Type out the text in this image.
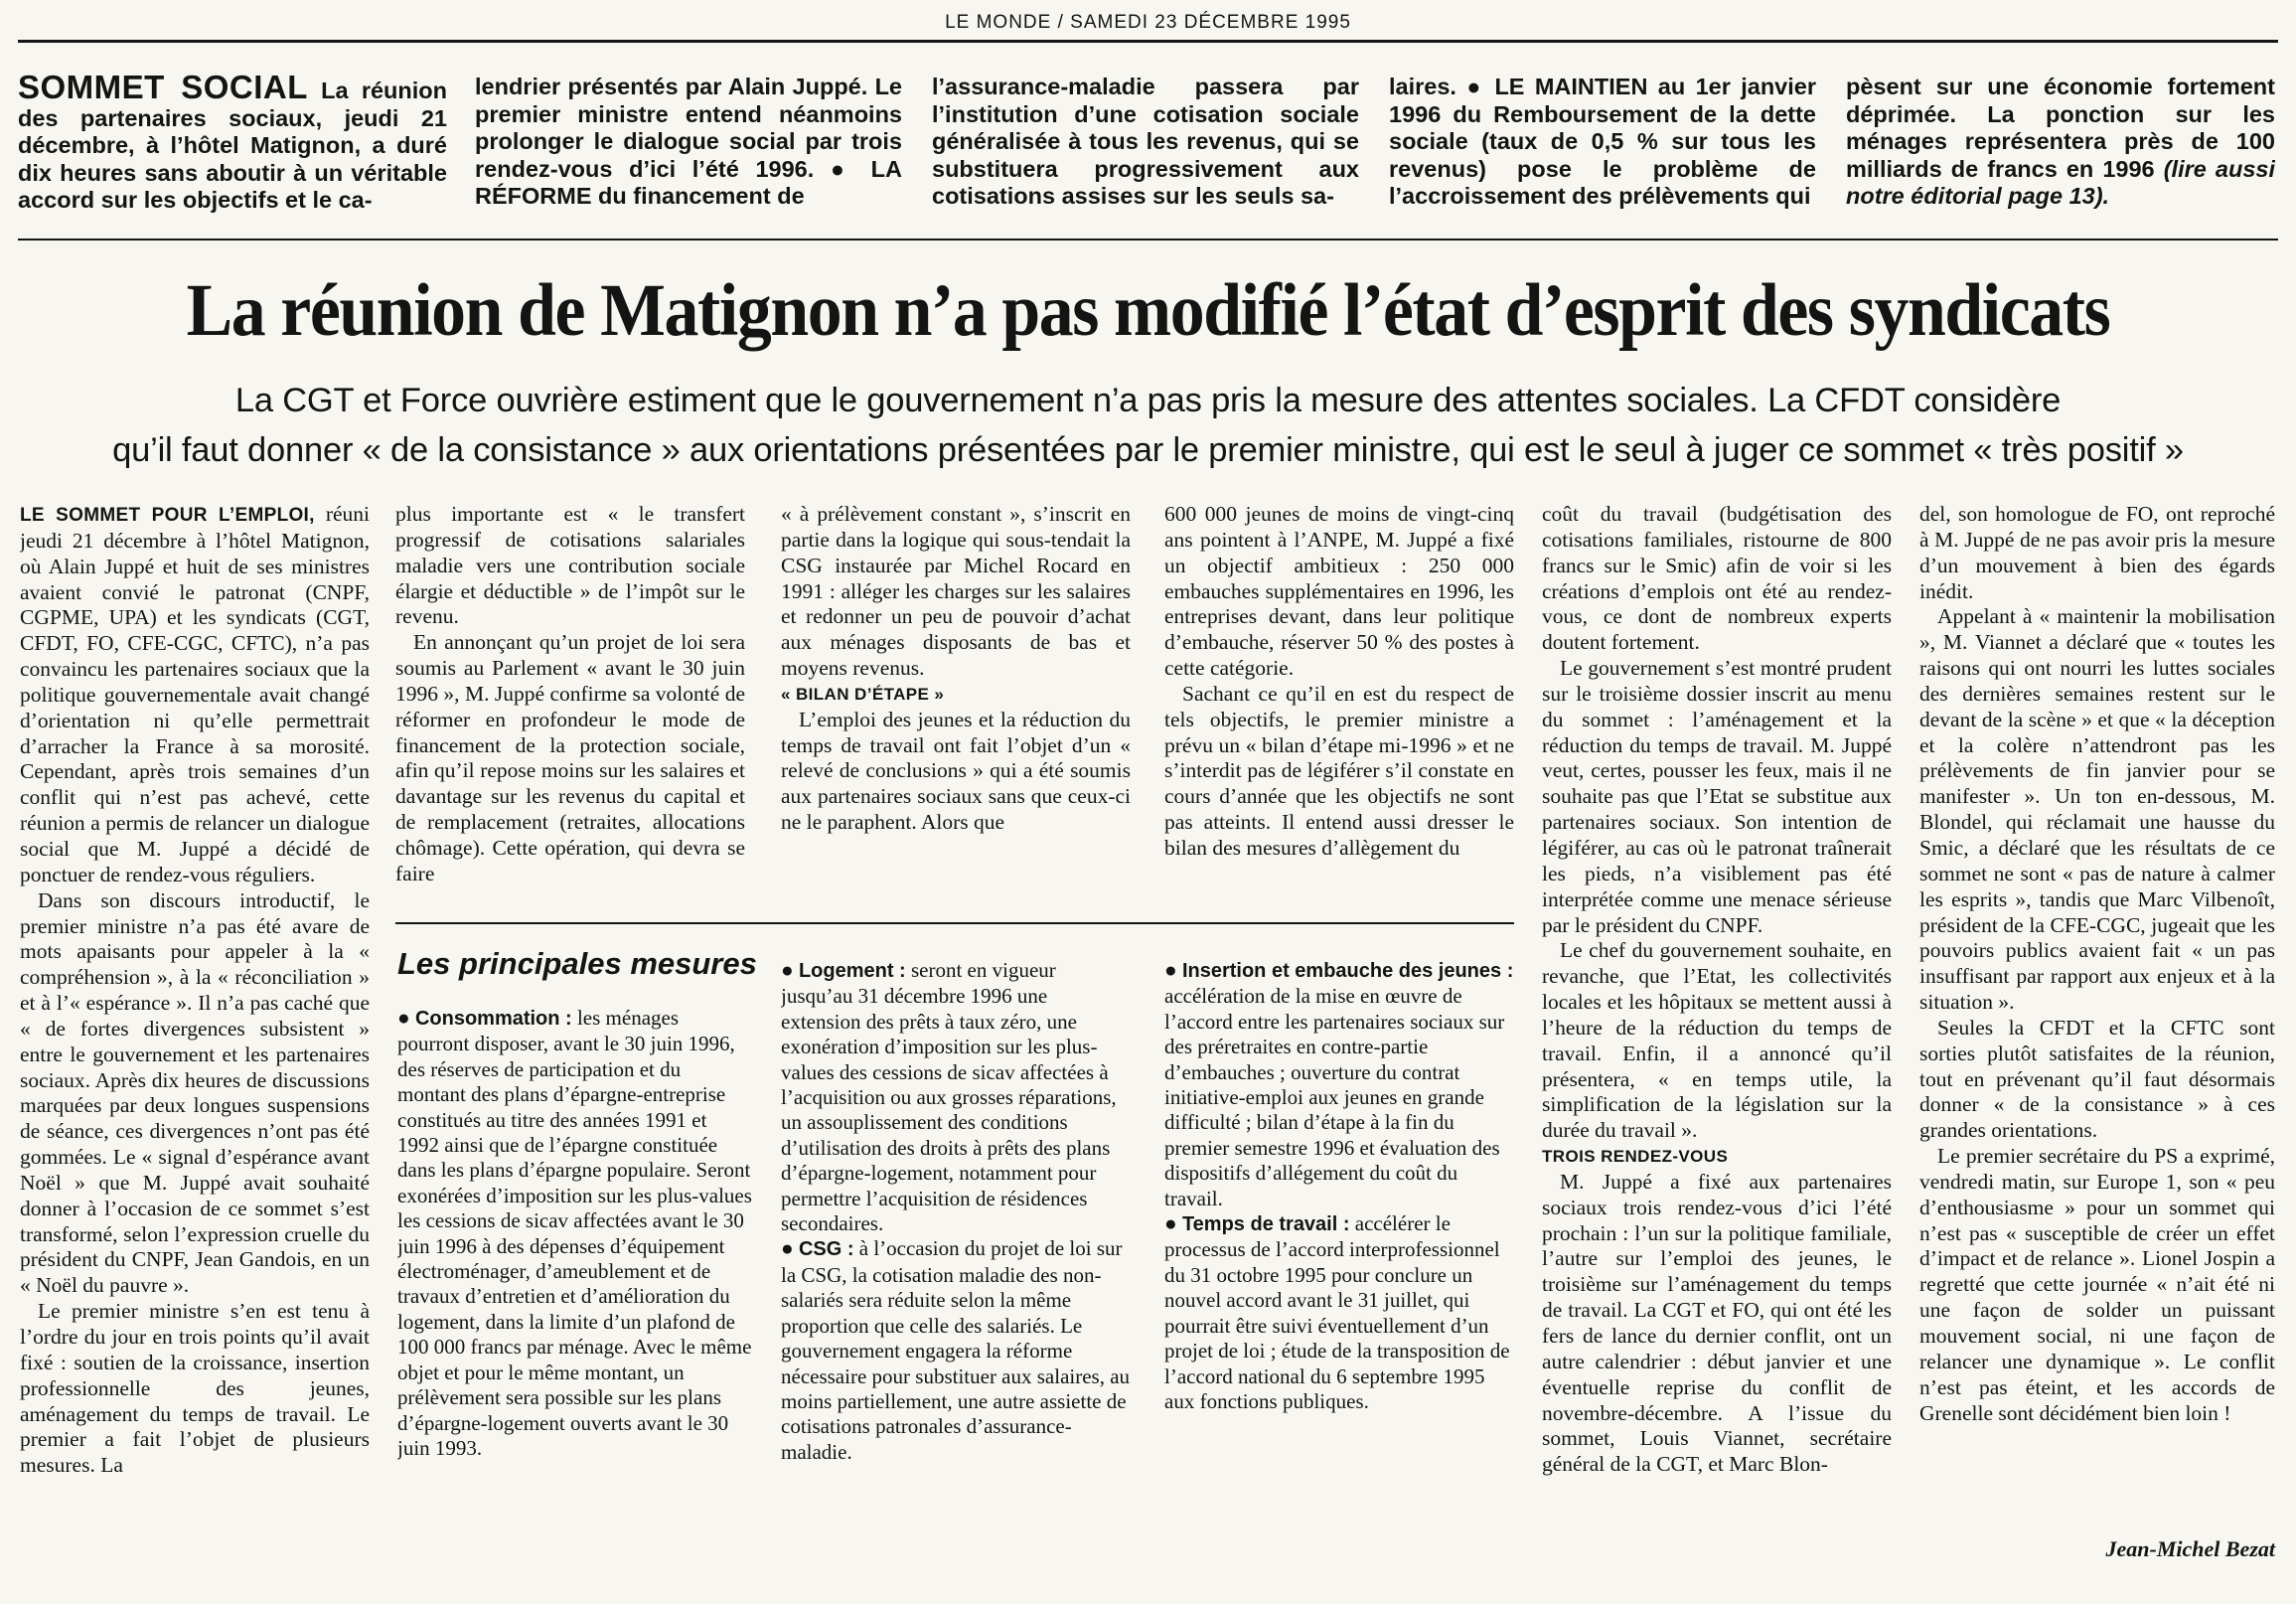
LE MONDE / SAMEDI 23 DÉCEMBRE 1995
SOMMET SOCIAL La réunion des partenaires sociaux, jeudi 21 décembre, à l’hôtel Matignon, a duré dix heures sans aboutir à un véritable accord sur les objectifs et le ca-
lendrier présentés par Alain Juppé. Le premier ministre entend néanmoins prolonger le dialogue social par trois rendez-vous d’ici l’été 1996. ● LA RÉFORME du financement de
l’assurance-maladie passera par l’institution d’une cotisation sociale généralisée à tous les revenus, qui se substituera progressivement aux cotisations assises sur les seuls sa-
laires. ● LE MAINTIEN au 1er janvier 1996 du Remboursement de la dette sociale (taux de 0,5 % sur tous les revenus) pose le problème de l’accroissement des prélèvements qui
pèsent sur une économie fortement déprimée. La ponction sur les ménages représentera près de 100 milliards de francs en 1996 (lire aussi notre éditorial page 13).
La réunion de Matignon n’a pas modifié l’état d’esprit des syndicats
La CGT et Force ouvrière estiment que le gouvernement n’a pas pris la mesure des attentes sociales. La CFDT considère
qu’il faut donner « de la consistance » aux orientations présentées par le premier ministre, qui est le seul à juger ce sommet « très positif »

LE SOMMET POUR L’EMPLOI, réuni jeudi 21 décembre à l’hôtel Matignon, où Alain Juppé et huit de ses ministres avaient convié le patronat (CNPF, CGPME, UPA) et les syndicats (CGT, CFDT, FO, CFE-CGC, CFTC), n’a pas convaincu les partenaires sociaux que la politique gouvernementale avait changé d’orientation ni qu’elle permettrait d’arracher la France à sa morosité. Cependant, après trois semaines d’un conflit qui n’est pas achevé, cette réunion a permis de relancer un dialogue social que M. Juppé a décidé de ponctuer de rendez-vous réguliers.

Dans son discours introductif, le premier ministre n’a pas été avare de mots apaisants pour appeler à la « compréhension », à la « réconciliation » et à l’« espérance ». Il n’a pas caché que « de fortes divergences subsistent » entre le gouvernement et les partenaires sociaux. Après dix heures de discussions marquées par deux longues suspensions de séance, ces divergences n’ont pas été gommées. Le « signal d’espérance avant Noël » que M. Juppé avait souhaité donner à l’occasion de ce sommet s’est transformé, selon l’expression cruelle du président du CNPF, Jean Gandois, en un « Noël du pauvre ».

Le premier ministre s’en est tenu à l’ordre du jour en trois points qu’il avait fixé : soutien de la croissance, insertion professionnelle des jeunes, aménagement du temps de travail. Le premier a fait l’objet de plusieurs mesures. La

plus importante est « le transfert progressif de cotisations salariales maladie vers une contribution sociale élargie et déductible » de l’impôt sur le revenu.

En annonçant qu’un projet de loi sera soumis au Parlement « avant le 30 juin 1996 », M. Juppé confirme sa volonté de réformer en profondeur le mode de financement de la protection sociale, afin qu’il repose moins sur les salaires et davantage sur les revenus du capital et de remplacement (retraites, allocations chômage). Cette opération, qui devra se faire

« à prélèvement constant », s’inscrit en partie dans la logique qui sous-tendait la CSG instaurée par Michel Rocard en 1991 : alléger les charges sur les salaires et redonner un peu de pouvoir d’achat aux ménages disposants de bas et moyens revenus.

« BILAN D’ÉTAPE »

L’emploi des jeunes et la réduction du temps de travail ont fait l’objet d’un « relevé de conclusions » qui a été soumis aux partenaires sociaux sans que ceux-ci ne le paraphent. Alors que

600 000 jeunes de moins de vingt-cinq ans pointent à l’ANPE, M. Juppé a fixé un objectif ambitieux : 250 000 embauches supplémentaires en 1996, les entreprises devant, dans leur politique d’embauche, réserver 50 % des postes à cette catégorie.

Sachant ce qu’il en est du respect de tels objectifs, le premier ministre a prévu un « bilan d’étape mi-1996 » et ne s’interdit pas de légiférer s’il constate en cours d’année que les objectifs ne sont pas atteints. Il entend aussi dresser le bilan des mesures d’allègement du

coût du travail (budgétisation des cotisations familiales, ristourne de 800 francs sur le Smic) afin de voir si les créations d’emplois ont été au rendez-vous, ce dont de nombreux experts doutent fortement.

Le gouvernement s’est montré prudent sur le troisième dossier inscrit au menu du sommet : l’aménagement et la réduction du temps de travail. M. Juppé veut, certes, pousser les feux, mais il ne souhaite pas que l’Etat se substitue aux partenaires sociaux. Son intention de légiférer, au cas où le patronat traînerait les pieds, n’a visiblement pas été interprétée comme une menace sérieuse par le président du CNPF.

Le chef du gouvernement souhaite, en revanche, que l’Etat, les collectivités locales et les hôpitaux se mettent aussi à l’heure de la réduction du temps de travail. Enfin, il a annoncé qu’il présentera, « en temps utile, la simplification de la législation sur la durée du travail ».

TROIS RENDEZ-VOUS

M. Juppé a fixé aux partenaires sociaux trois rendez-vous d’ici l’été prochain : l’un sur la politique familiale, l’autre sur l’emploi des jeunes, le troisième sur l’aménagement du temps de travail. La CGT et FO, qui ont été les fers de lance du dernier conflit, ont un autre calendrier : début janvier et une éventuelle reprise du conflit de novembre-décembre. A l’issue du sommet, Louis Viannet, secrétaire général de la CGT, et Marc Blon-

del, son homologue de FO, ont reproché à M. Juppé de ne pas avoir pris la mesure d’un mouvement à bien des égards inédit.

Appelant à « maintenir la mobilisation », M. Viannet a déclaré que « toutes les raisons qui ont nourri les luttes sociales des dernières semaines restent sur le devant de la scène » et que « la déception et la colère n’attendront pas les prélèvements de fin janvier pour se manifester ». Un ton en-dessous, M. Blondel, qui réclamait une hausse du Smic, a déclaré que les résultats de ce sommet ne sont « pas de nature à calmer les esprits », tandis que Marc Vilbenoît, président de la CFE-CGC, jugeait que les pouvoirs publics avaient fait « un pas insuffisant par rapport aux enjeux et à la situation ».

Seules la CFDT et la CFTC sont sorties plutôt satisfaites de la réunion, tout en prévenant qu’il faut désormais donner « de la consistance » à ces grandes orientations.

Le premier secrétaire du PS a exprimé, vendredi matin, sur Europe 1, son « peu d’enthousiasme » pour un sommet qui n’est pas « susceptible de créer un effet d’impact et de relance ». Lionel Jospin a regretté que cette journée « n’ait été ni une façon de solder un puissant mouvement social, ni une façon de relancer une dynamique ». Le conflit n’est pas éteint, et les accords de Grenelle sont décidément bien loin !

Jean-Michel Bezat
Les principales mesures

● Consommation : les ménages pourront disposer, avant le 30 juin 1996, des réserves de participation et du montant des plans d’épargne-entreprise constitués au titre des années 1991 et 1992 ainsi que de l’épargne constituée dans les plans d’épargne populaire. Seront exonérées d’imposition sur les plus-values les cessions de sicav affectées avant le 30 juin 1996 à des dépenses d’équipement électroménager, d’ameublement et de travaux d’entretien et d’amélioration du logement, dans la limite d’un plafond de 100 000 francs par ménage. Avec le même objet et pour le même montant, un prélèvement sera possible sur les plans d’épargne-logement ouverts avant le 30 juin 1993.

● Logement : seront en vigueur jusqu’au 31 décembre 1996 une extension des prêts à taux zéro, une exonération d’imposition sur les plus-values des cessions de sicav affectées à l’acquisition ou aux grosses réparations, un assouplissement des conditions d’utilisation des droits à prêts des plans d’épargne-logement, notamment pour permettre l’acquisition de résidences secondaires.

● CSG : à l’occasion du projet de loi sur la CSG, la cotisation maladie des non-salariés sera réduite selon la même proportion que celle des salariés. Le gouvernement engagera la réforme nécessaire pour substituer aux salaires, au moins partiellement, une autre assiette de cotisations patronales d’assurance-maladie.

● Insertion et embauche des jeunes : accélération de la mise en œuvre de l’accord entre les partenaires sociaux sur des préretraites en contre-partie d’embauches ; ouverture du contrat initiative-emploi aux jeunes en grande difficulté ; bilan d’étape à la fin du premier semestre 1996 et évaluation des dispositifs d’allégement du coût du travail.

● Temps de travail : accélérer le processus de l’accord interprofessionnel du 31 octobre 1995 pour conclure un nouvel accord avant le 31 juillet, qui pourrait être suivi éventuellement d’un projet de loi ; étude de la transposition de l’accord national du 6 septembre 1995 aux fonctions publiques.
